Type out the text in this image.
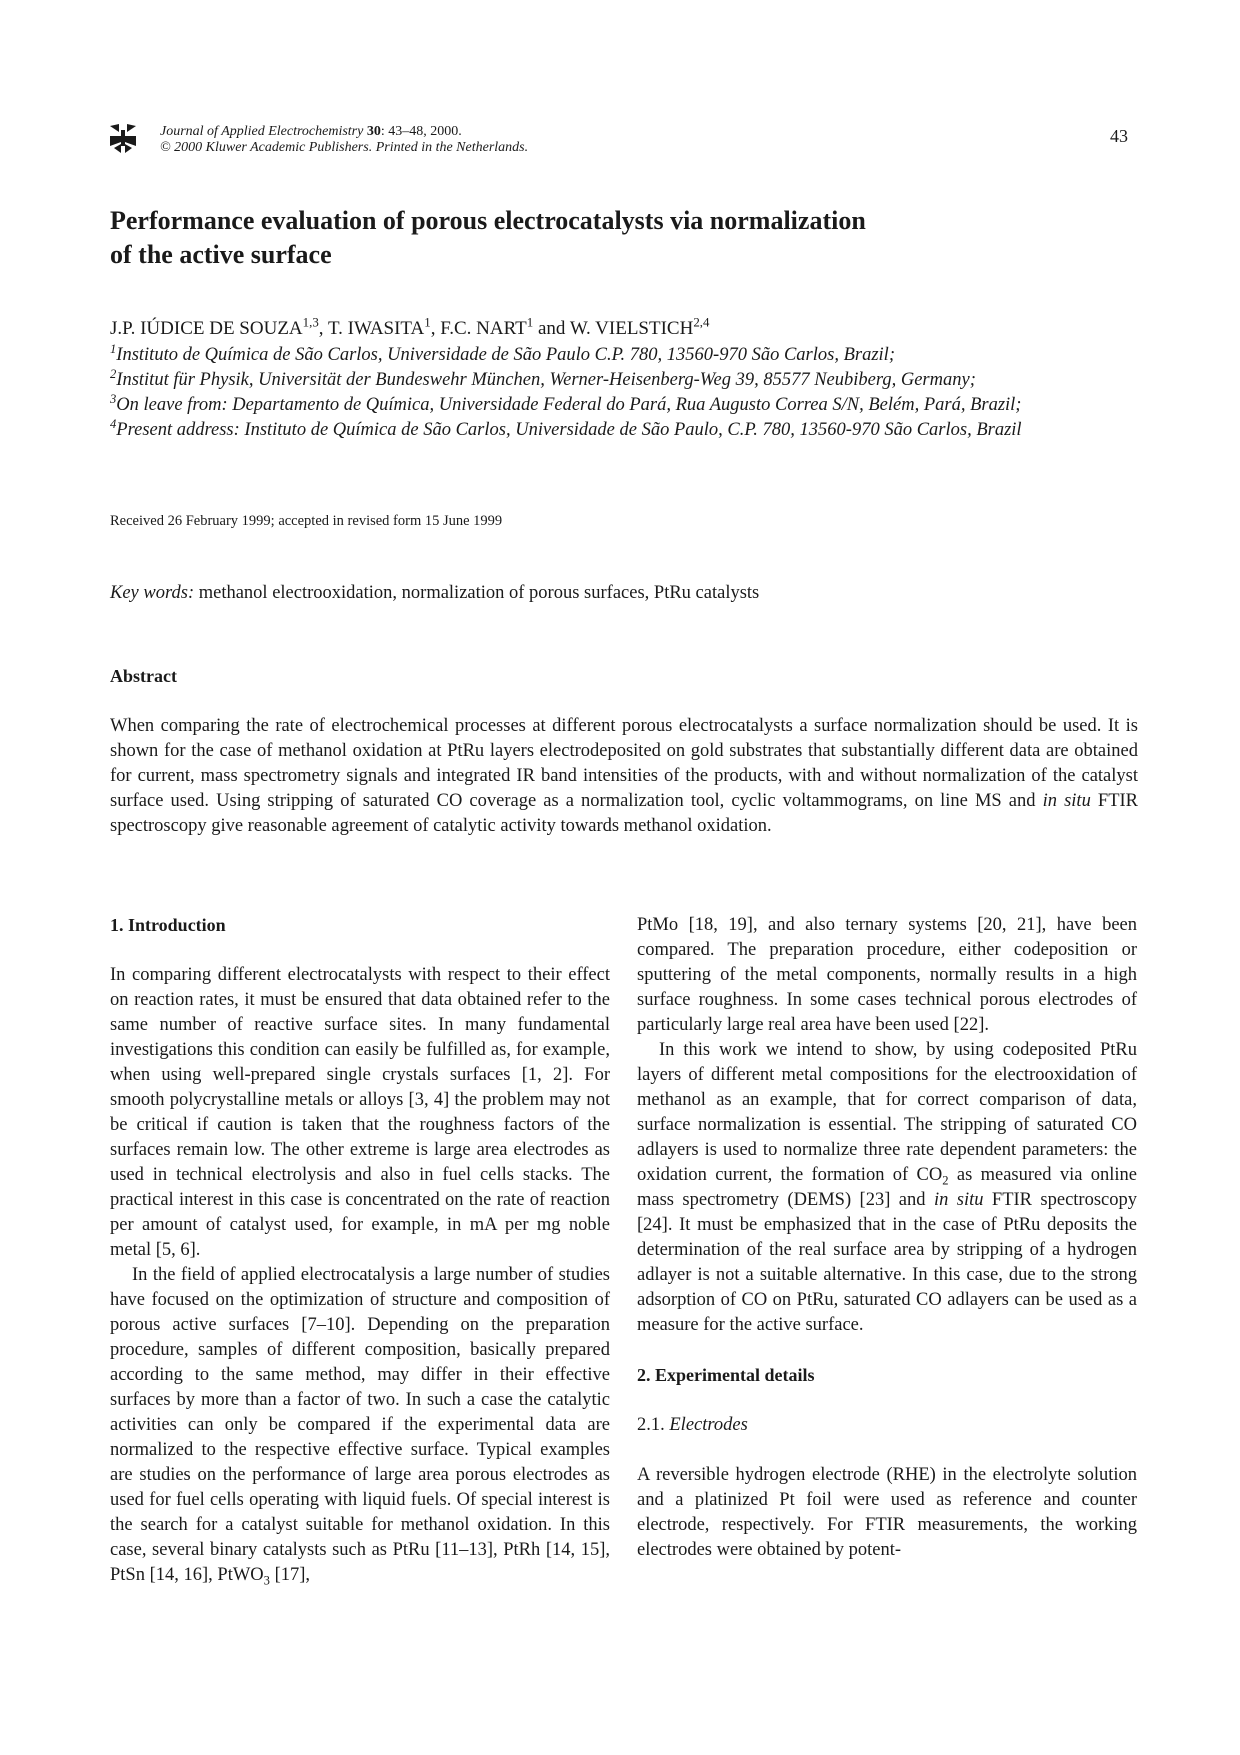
Journal of Applied Electrochemistry 30: 43–48, 2000.
© 2000 Kluwer Academic Publishers. Printed in the Netherlands.
43
Performance evaluation of porous electrocatalysts via normalization
of the active surface
J.P. IÚDICE DE SOUZA$^{1,3}$, T. IWASITA$^1$, F.C. NART$^1$ and W. VIELSTICH$^{2,4}$

$^1$Instituto de Química de São Carlos, Universidade de São Paulo C.P. 780, 13560-970 São Carlos, Brazil;

$^2$Institut für Physik, Universität der Bundeswehr München, Werner-Heisenberg-Weg 39, 85577 Neubiberg, Germany;

$^3$On leave from: Departamento de Química, Universidade Federal do Pará, Rua Augusto Correa S/N, Belém, Pará, Brazil;

$^4$Present address: Instituto de Química de São Carlos, Universidade de São Paulo, C.P. 780, 13560-970 São Carlos, Brazil

Received 26 February 1999; accepted in revised form 15 June 1999
Key words: methanol electrooxidation, normalization of porous surfaces, PtRu catalysts
Abstract

When comparing the rate of electrochemical processes at different porous electrocatalysts a surface normalization should be used. It is shown for the case of methanol oxidation at PtRu layers electrodeposited on gold substrates that substantially different data are obtained for current, mass spectrometry signals and integrated IR band intensities of the products, with and without normalization of the catalyst surface used. Using stripping of saturated CO coverage as a normalization tool, cyclic voltammograms, on line MS and in situ FTIR spectroscopy give reasonable agreement of catalytic activity towards methanol oxidation.

1. Introduction

In comparing different electrocatalysts with respect to their effect on reaction rates, it must be ensured that data obtained refer to the same number of reactive surface sites. In many fundamental investigations this condition can easily be fulfilled as, for example, when using well-prepared single crystals surfaces [1, 2]. For smooth polycrystalline metals or alloys [3, 4] the problem may not be critical if caution is taken that the roughness factors of the surfaces remain low. The other extreme is large area electrodes as used in technical electrolysis and also in fuel cells stacks. The practical interest in this case is concentrated on the rate of reaction per amount of catalyst used, for example, in mA per mg noble metal [5, 6].

In the field of applied electrocatalysis a large number of studies have focused on the optimization of structure and composition of porous active surfaces [7–10]. Depending on the preparation procedure, samples of different composition, basically prepared according to the same method, may differ in their effective surfaces by more than a factor of two. In such a case the catalytic activities can only be compared if the experimental data are normalized to the respective effective surface. Typical examples are studies on the performance of large area porous electrodes as used for fuel cells operating with liquid fuels. Of special interest is the search for a catalyst suitable for methanol oxidation. In this case, several binary catalysts such as PtRu [11–13], PtRh [14, 15], PtSn [14, 16], PtWO$_3$ [17],

PtMo [18, 19], and also ternary systems [20, 21], have been compared. The preparation procedure, either codeposition or sputtering of the metal components, normally results in a high surface roughness. In some cases technical porous electrodes of particularly large real area have been used [22].

In this work we intend to show, by using codeposited PtRu layers of different metal compositions for the electrooxidation of methanol as an example, that for correct comparison of data, surface normalization is essential. The stripping of saturated CO adlayers is used to normalize three rate dependent parameters: the oxidation current, the formation of $CO_2$ as measured via online mass spectrometry (DEMS) [23] and in situ FTIR spectroscopy [24]. It must be emphasized that in the case of PtRu deposits the determination of the real surface area by stripping of a hydrogen adlayer is not a suitable alternative. In this case, due to the strong adsorption of CO on PtRu, saturated CO adlayers can be used as a measure for the active surface.

2. Experimental details
2.1. Electrodes

A reversible hydrogen electrode (RHE) in the electrolyte solution and a platinized Pt foil were used as reference and counter electrode, respectively. For FTIR measurements, the working electrodes were obtained by potent-
